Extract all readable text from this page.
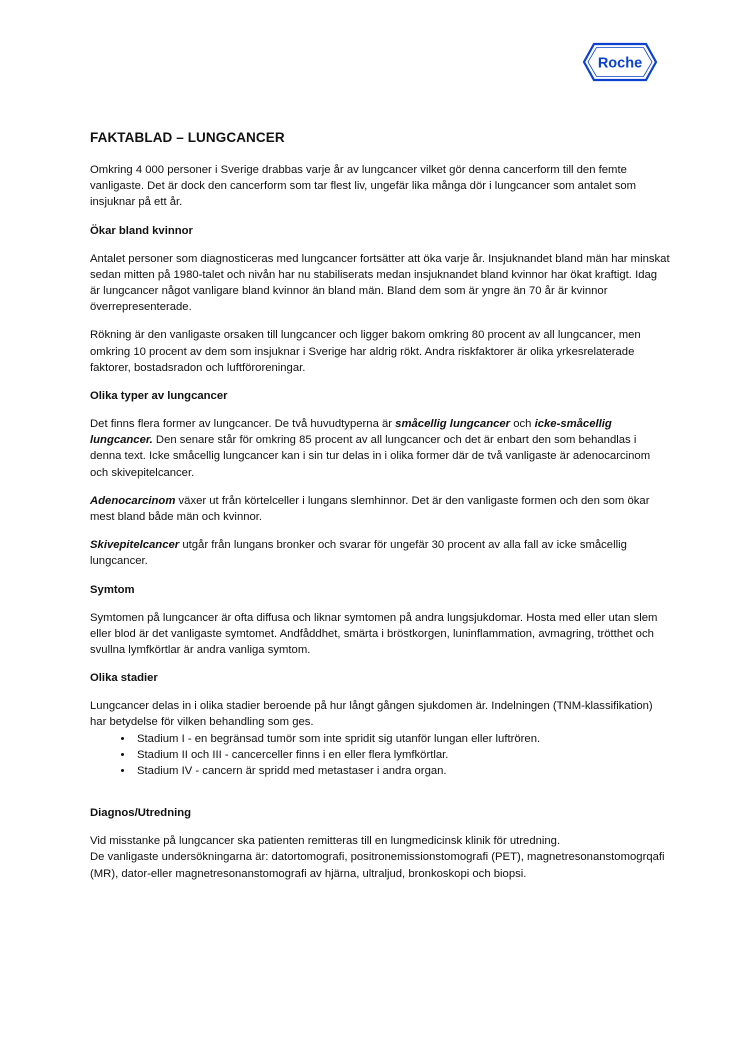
Roche
FAKTABLAD – LUNGCANCER

Omkring 4 000 personer i Sverige drabbas varje år av lungcancer vilket gör denna cancerform till den femte vanligaste. Det är dock den cancerform som tar flest liv, ungefär lika många dör i lungcancer som antalet som insjuknar på ett år.

Ökar bland kvinnor

Antalet personer som diagnosticeras med lungcancer fortsätter att öka varje år. Insjuknandet bland män har minskat sedan mitten på 1980-talet och nivån har nu stabiliserats medan insjuknandet bland kvinnor har ökat kraftigt. Idag är lungcancer något vanligare bland kvinnor än bland män. Bland dem som är yngre än 70 år är kvinnor överrepresenterade.

Rökning är den vanligaste orsaken till lungcancer och ligger bakom omkring 80 procent av all lungcancer, men omkring 10 procent av dem som insjuknar i Sverige har aldrig rökt. Andra riskfaktorer är olika yrkesrelaterade faktorer, bostadsradon och luftföroreningar.

Olika typer av lungcancer

Det finns flera former av lungcancer. De två huvudtyperna är småcellig lungcancer och icke-småcellig lungcancer. Den senare står för omkring 85 procent av all lungcancer och det är enbart den som behandlas i denna text. Icke småcellig lungcancer kan i sin tur delas in i olika former där de två vanligaste är adenocarcinom och skivepitelcancer.

Adenocarcinom växer ut från körtelceller i lungans slemhinnor. Det är den vanligaste formen och den som ökar mest bland både män och kvinnor.

Skivepitelcancer utgår från lungans bronker och svarar för ungefär 30 procent av alla fall av icke småcellig lungcancer.

Symtom

Symtomen på lungcancer är ofta diffusa och liknar symtomen på andra lungsjukdomar. Hosta med eller utan slem eller blod är det vanligaste symtomet. Andfåddhet, smärta i bröstkorgen, luninflammation, avmagring, trötthet och svullna lymfkörtlar är andra vanliga symtom.

Olika stadier

Lungcancer delas in i olika stadier beroende på hur långt gången sjukdomen är. Indelningen (TNM-klassifikation) har betydelse för vilken behandling som ges.

• Stadium I - en begränsad tumör som inte spridit sig utanför lungan eller luftrören.
• Stadium II och III - cancerceller finns i en eller flera lymfkörtlar.
• Stadium IV - cancern är spridd med metastaser i andra organ.
Diagnos/Utredning

Vid misstanke på lungcancer ska patienten remitteras till en lungmedicinsk klinik för utredning.

De vanligaste undersökningarna är: datortomografi, positronemissionstomografi (PET), magnetresonanstomogrqafi (MR), dator-eller magnetresonanstomografi av hjärna, ultraljud, bronkoskopi och biopsi.
